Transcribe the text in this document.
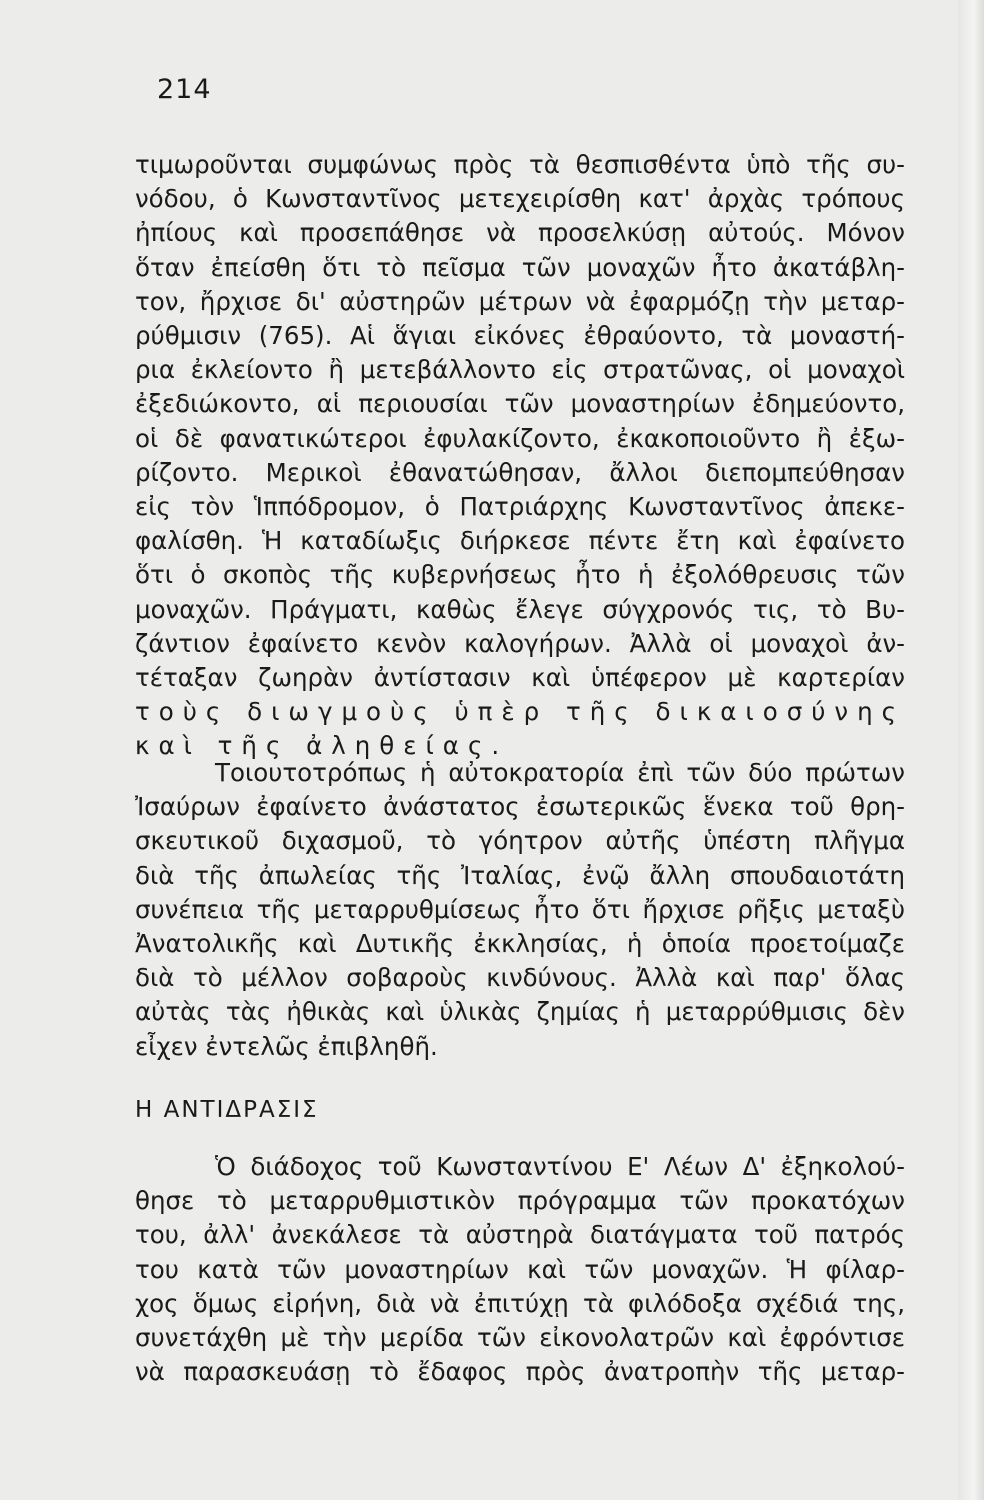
214
τιμωροῦνται συμφώνως πρὸς τὰ θεσπισθέντα ὑπὸ τῆς συ-
νόδου, ὁ Κωνσταντῖνος μετεχειρίσθη κατ' ἀρχὰς τρόπους
ἠπίους καὶ προσεπάθησε νὰ προσελκύσῃ αὐτούς. Μόνον
ὅταν ἐπείσθη ὅτι τὸ πεῖσμα τῶν μοναχῶν ἦτο ἀκατάβλη-
τον, ἤρχισε δι' αὐστηρῶν μέτρων νὰ ἐφαρμόζῃ τὴν μεταρ-
ρύθμισιν (765). Αἱ ἅγιαι εἰκόνες ἐθραύοντο, τὰ μοναστή-
ρια ἐκλείοντο ἢ μετεβάλλοντο εἰς στρατῶνας, οἱ μοναχοὶ
ἐξεδιώκοντο, αἱ περιουσίαι τῶν μοναστηρίων ἐδημεύοντο,
οἱ δὲ φανατικώτεροι ἐφυλακίζοντο, ἐκακοποιοῦντο ἢ ἐξω-
ρίζοντο. Μερικοὶ ἐθανατώθησαν, ἄλλοι διεπομπεύθησαν
εἰς τὸν Ἱππόδρομον, ὁ Πατριάρχης Κωνσταντῖνος ἀπεκε-
φαλίσθη. Ἡ καταδίωξις διήρκεσε πέντε ἔτη καὶ ἐφαίνετο
ὅτι ὁ σκοπὸς τῆς κυβερνήσεως ἦτο ἡ ἐξολόθρευσις τῶν
μοναχῶν. Πράγματι, καθὼς ἔλεγε σύγχρονός τις, τὸ Βυ-
ζάντιον ἐφαίνετο κενὸν καλογήρων. Ἀλλὰ οἱ μοναχοὶ ἀν-
τέταξαν ζωηρὰν ἀντίστασιν καὶ ὑπέφερον μὲ καρτερίαν
τοὺς διωγμοὺς ὑπὲρ τῆς δικαιοσύνης
καὶ τῆς ἀληθείας.
Τοιουτοτρόπως ἡ αὐτοκρατορία ἐπὶ τῶν δύο πρώτων
Ἰσαύρων ἐφαίνετο ἀνάστατος ἐσωτερικῶς ἕνεκα τοῦ θρη-
σκευτικοῦ διχασμοῦ, τὸ γόητρον αὐτῆς ὑπέστη πλῆγμα
διὰ τῆς ἀπωλείας τῆς Ἰταλίας, ἐνῷ ἄλλη σπουδαιοτάτη
συνέπεια τῆς μεταρρυθμίσεως ἦτο ὅτι ἤρχισε ρῆξις μεταξὺ
Ἀνατολικῆς καὶ Δυτικῆς ἐκκλησίας, ἡ ὁποία προετοίμαζε
διὰ τὸ μέλλον σοβαροὺς κινδύνους. Ἀλλὰ καὶ παρ' ὅλας
αὐτὰς τὰς ἠθικὰς καὶ ὑλικὰς ζημίας ἡ μεταρρύθμισις δὲν
εἶχεν ἐντελῶς ἐπιβληθῆ.
Η ΑΝΤΙΔΡΑΣΙΣ
Ὁ διάδοχος τοῦ Κωνσταντίνου Ε' Λέων Δ' ἐξηκολού-
θησε τὸ μεταρρυθμιστικὸν πρόγραμμα τῶν προκατόχων
του, ἀλλ' ἀνεκάλεσε τὰ αὐστηρὰ διατάγματα τοῦ πατρός
του κατὰ τῶν μοναστηρίων καὶ τῶν μοναχῶν. Ἡ φίλαρ-
χος ὅμως εἰρήνη, διὰ νὰ ἐπιτύχῃ τὰ φιλόδοξα σχέδιά της,
συνετάχθη μὲ τὴν μερίδα τῶν εἰκονολατρῶν καὶ ἐφρόντισε
νὰ παρασκευάσῃ τὸ ἔδαφος πρὸς ἀνατροπὴν τῆς μεταρ-
